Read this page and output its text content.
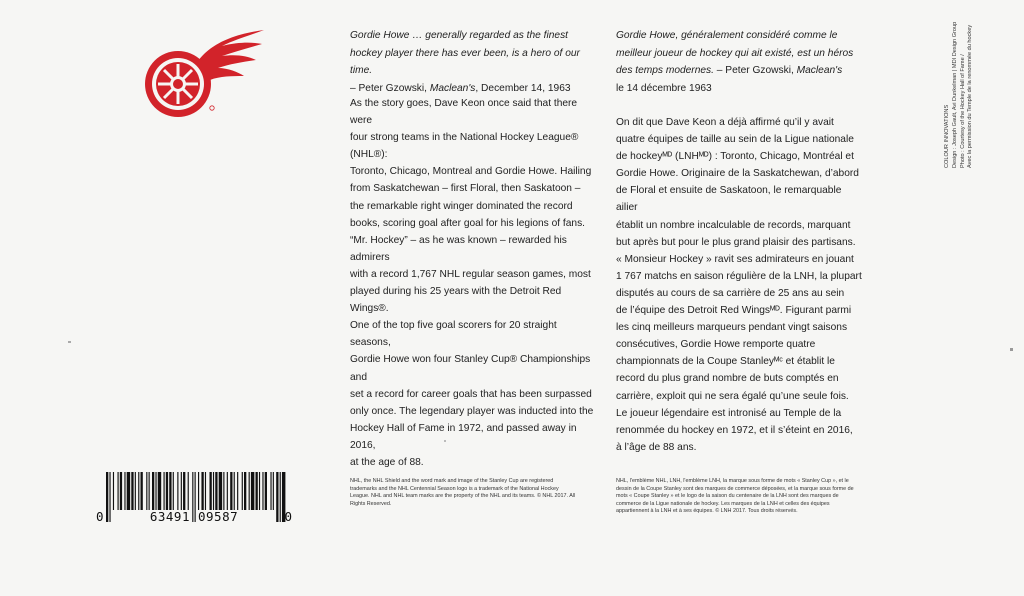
Gordie Howe … generally regarded as the finest hockey player there has ever been, is a hero of our time.

– Peter Gzowski, Maclean's, December 14, 1963

As the story goes, Dave Keon once said that there were
four strong teams in the National Hockey League® (NHL®):
Toronto, Chicago, Montreal and Gordie Howe. Hailing
from Saskatchewan – first Floral, then Saskatoon –
the remarkable right winger dominated the record
books, scoring goal after goal for his legions of fans.
“Mr. Hockey” – as he was known – rewarded his admirers
with a record 1,767 NHL regular season games, most
played during his 25 years with the Detroit Red Wings®.
One of the top five goal scorers for 20 straight seasons,
Gordie Howe won four Stanley Cup® Championships and
set a record for career goals that has been surpassed
only once. The legendary player was inducted into the
Hockey Hall of Fame in 1972, and passed away in 2016,
at the age of 88.

Gordie Howe, généralement considéré comme le meilleur joueur de hockey qui ait existé, est un héros des temps modernes. – Peter Gzowski, Maclean's

le 14 décembre 1963

On dit que Dave Keon a déjà affirmé qu’il y avait
quatre équipes de taille au sein de la Ligue nationale
de hockeyᴹᴰ (LNHᴹᴰ) : Toronto, Chicago, Montréal et
Gordie Howe. Originaire de la Saskatchewan, d’abord
de Floral et ensuite de Saskatoon, le remarquable ailier
établit un nombre incalculable de records, marquant
but après but pour le plus grand plaisir des partisans.
« Monsieur Hockey » ravit ses admirateurs en jouant
1 767 matchs en saison régulière de la LNH, la plupart
disputés au cours de sa carrière de 25 ans au sein
de l’équipe des Detroit Red Wingsᴹᴰ. Figurant parmi
les cinq meilleurs marqueurs pendant vingt saisons
consécutives, Gordie Howe remporte quatre
championnats de la Coupe Stanleyᴹᶜ et établit le
record du plus grand nombre de buts comptés en
carrière, exploit qui ne sera égalé qu’une seule fois.
Le joueur légendaire est intronisé au Temple de la
renommée du hockey en 1972, et il s’éteint en 2016,
à l’âge de 88 ans.

NHL, the NHL Shield and the word mark and image of the Stanley Cup are registered trademarks and the NHL Centennial Season logo is a trademark of the National Hockey League. NHL and NHL team marks are the property of the NHL and its teams. © NHL 2017. All Rights Reserved.
NHL, l'emblème NHL, LNH, l'emblème LNH, la marque sous forme de mots « Stanley Cup », et le dessin de la Coupe Stanley sont des marques de commerce déposées, et la marque sous forme de mots « Coupe Stanley » et le logo de la saison du centenaire de la LNH sont des marques de commerce de la Ligue nationale de hockey. Les marques de la LNH et celles des équipes appartiennent à la LNH et à ses équipes. © LNH 2017. Tous droits réservés.
COLOUR INNOVATIONS Design : Joseph Gault, Avi Dunkelman | MDI Design Group Photo : Courtesy of the Hockey Hall of Fame / Avec la permission du Temple de la renommée du hockey
0	63491 09587	0
